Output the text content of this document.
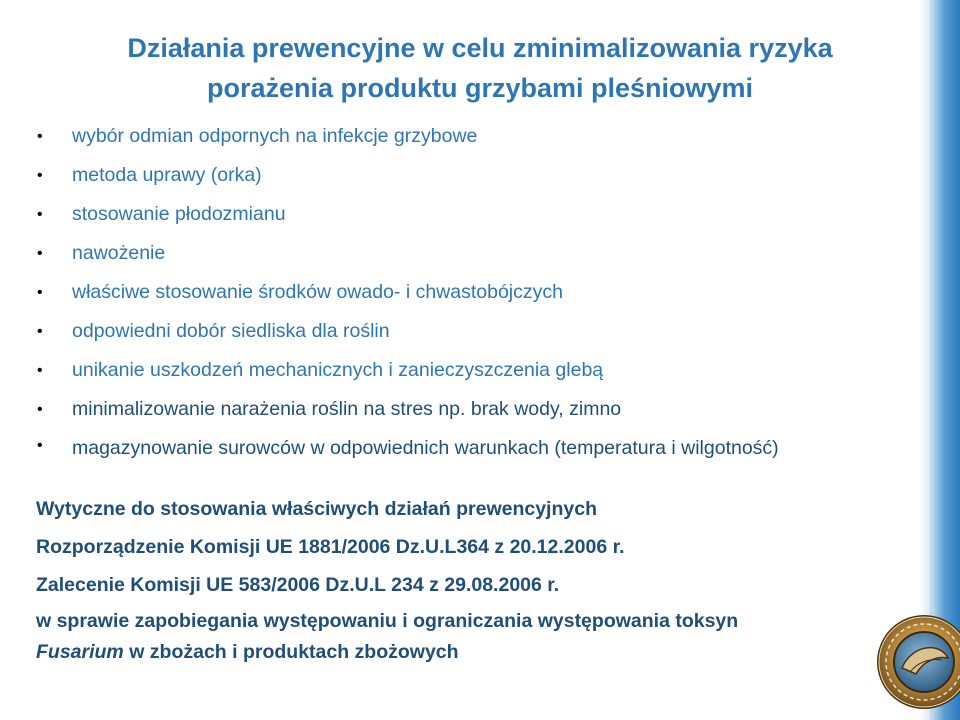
Działania prewencyjne w celu zminimalizowania ryzyka
porażenia produktu grzybami pleśniowymi
• wybór odmian odpornych na infekcje grzybowe
• metoda uprawy (orka)
• stosowanie płodozmianu
• nawożenie
• właściwe stosowanie środków owado- i chwastobójczych
• odpowiedni dobór siedliska dla roślin
• unikanie uszkodzeń mechanicznych i zanieczyszczenia glebą
• minimalizowanie narażenia roślin na stres np. brak wody, zimno
• magazynowanie surowców w odpowiednich warunkach (temperatura i wilgotność)
Wytyczne do stosowania właściwych działań prewencyjnych
Rozporządzenie Komisji UE 1881/2006 Dz.U.L364 z 20.12.2006 r.
Zalecenie Komisji UE 583/2006 Dz.U.L 234 z 29.08.2006 r.
w sprawie zapobiegania występowaniu i ograniczania występowania toksyn
Fusarium w zbożach i produktach zbożowych
